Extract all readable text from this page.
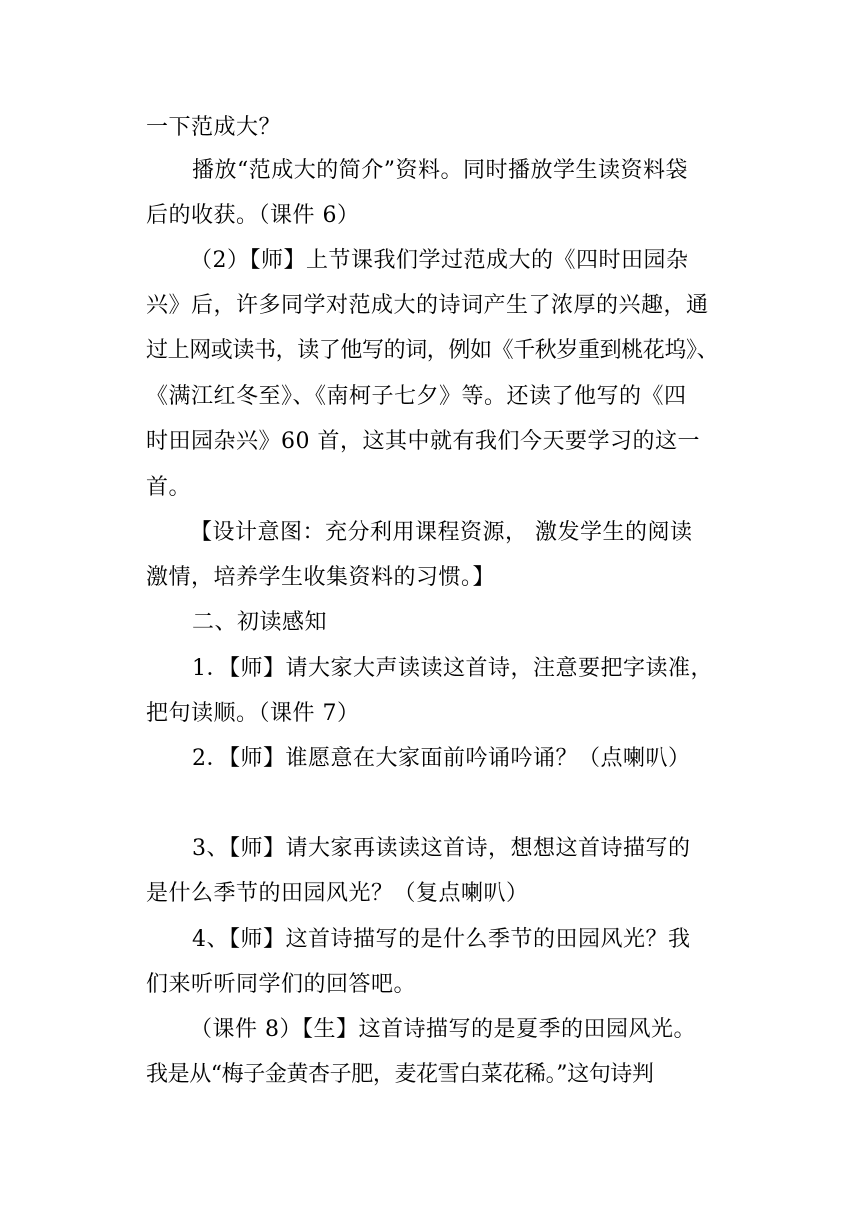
一下范成大？
播放“范成大的简介”资料。同时播放学生读资料袋
后的收获。（课件 6）
（2）【师】上节课我们学过范成大的《四时田园杂
兴》后，许多同学对范成大的诗词产生了浓厚的兴趣，通
过上网或读书，读了他写的词，例如《千秋岁重到桃花坞》、
《满江红冬至》、《南柯子七夕》等。还读了他写的《四
时田园杂兴》60 首，这其中就有我们今天要学习的这一
首。
【设计意图：充分利用课程资源， 激发学生的阅读
激情，培养学生收集资料的习惯。】
二、初读感知
1．【师】请大家大声读读这首诗，注意要把字读准，
把句读顺。（课件 7）
2．【师】谁愿意在大家面前吟诵吟诵？（点喇叭）
3、【师】请大家再读读这首诗，想想这首诗描写的
是什么季节的田园风光？（复点喇叭）
4、【师】这首诗描写的是什么季节的田园风光？我
们来听听同学们的回答吧。
（课件 8）【生】这首诗描写的是夏季的田园风光。
我是从“梅子金黄杏子肥，麦花雪白菜花稀。”这句诗判
